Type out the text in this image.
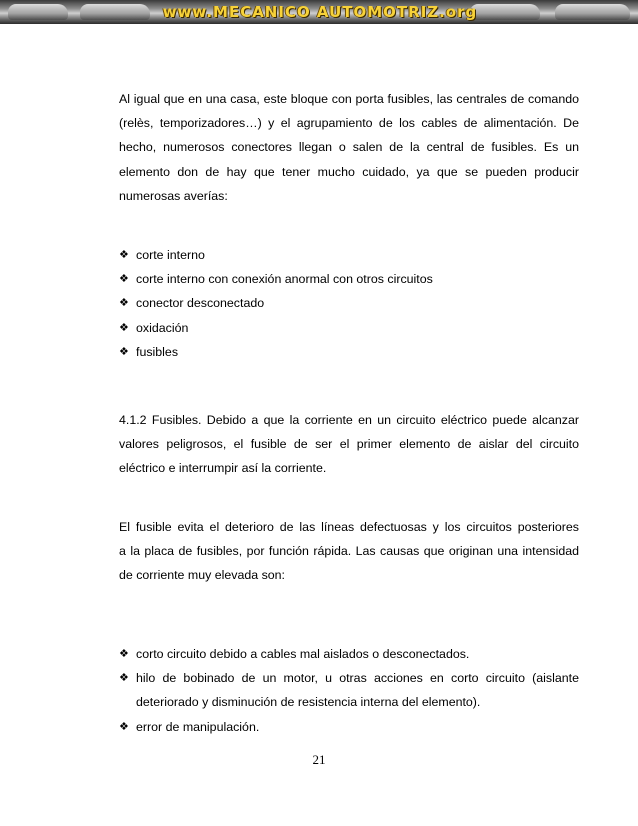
www.MECANICO AUTOMOTRIZ.org
Al igual que en una casa, este bloque con porta fusibles, las centrales de comando
(relès, temporizadores…) y el agrupamiento de los cables de alimentación. De
hecho, numerosos conectores llegan o salen de la central de fusibles. Es un
elemento don de hay que tener mucho cuidado, ya que se pueden producir
numerosas averías:
❖ corte interno
❖ corte interno con conexión anormal con otros circuitos
❖ conector desconectado
❖ oxidación
❖ fusibles
4.1.2 Fusibles. Debido a que la corriente en un circuito eléctrico puede alcanzar
valores peligrosos, el fusible de ser el primer elemento de aislar del circuito
eléctrico e interrumpir así la corriente.
El fusible evita el deterioro de las líneas defectuosas y los circuitos posteriores
a la placa de fusibles, por función rápida. Las causas que originan una intensidad
de corriente muy elevada son:
❖ corto circuito debido a cables mal aislados o desconectados.
❖ hilo de bobinado de un motor, u otras acciones en corto circuito (aislante
deteriorado y disminución de resistencia interna del elemento).
❖ error de manipulación.
21
